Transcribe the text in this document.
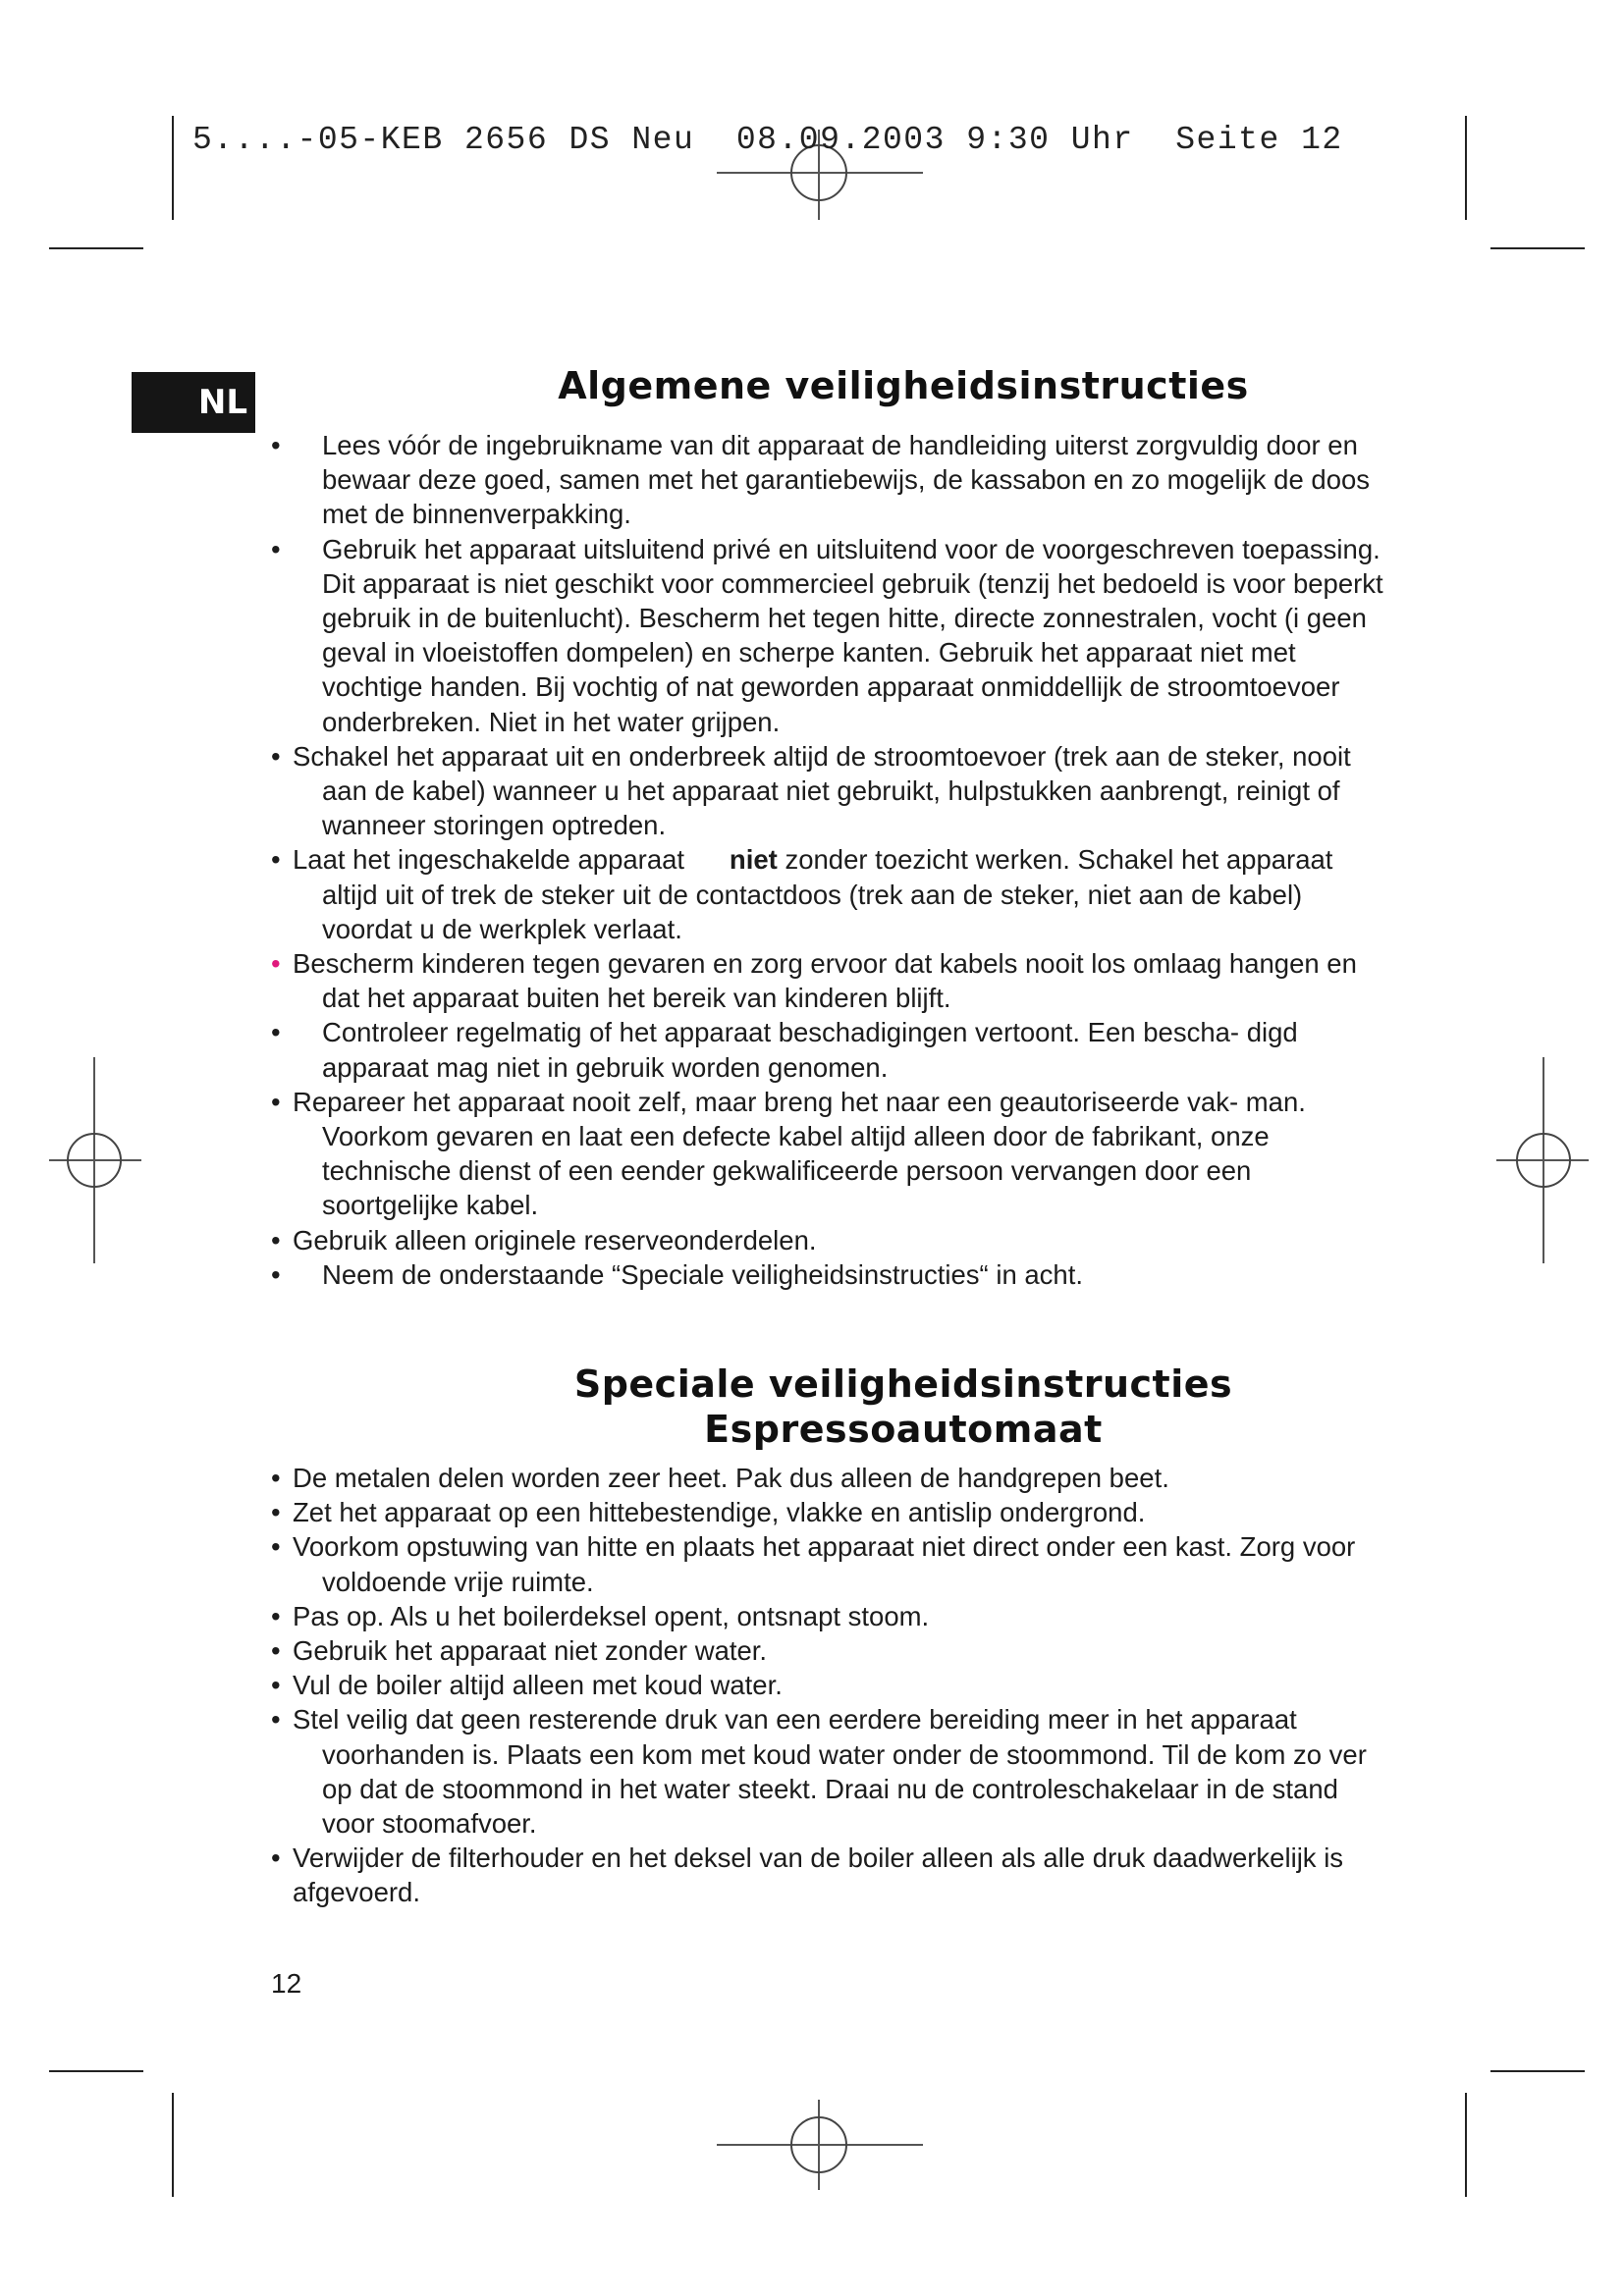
5....-05-KEB 2656 DS Neu  08.09.2003 9:30 Uhr  Seite 12
NL	Algemene veiligheidsinstructies

• Lees vóór de ingebruikname van dit apparaat de handleiding uiterst zorgvuldig door en bewaar deze goed, samen met het garantiebewijs, de kassabon en zo mogelijk de doos met de binnenverpakking.

• Gebruik het apparaat uitsluitend privé en uitsluitend voor de voorgeschreven toepassing. Dit apparaat is niet geschikt voor commercieel gebruik (tenzij het bedoeld is voor beperkt gebruik in de buitenlucht). Bescherm het tegen hitte, directe zonnestralen, vocht (i geen geval in vloeistoffen dompelen) en scherpe kanten. Gebruik het apparaat niet met vochtige handen. Bij vochtig of nat geworden apparaat onmiddellijk de stroomtoevoer onderbreken. Niet in het water grijpen.

• Schakel het apparaat uit en onderbreek altijd de stroomtoevoer (trek aan de steker, nooit aan de kabel) wanneer u het apparaat niet gebruikt, hulpstukken aanbrengt, reinigt of wanneer storingen optreden.

• Laat het ingeschakelde apparaat niet zonder toezicht werken. Schakel het apparaat altijd uit of trek de steker uit de contactdoos (trek aan de steker, niet aan de kabel) voordat u de werkplek verlaat.

• Bescherm kinderen tegen gevaren en zorg ervoor dat kabels nooit los omlaag hangen en dat het apparaat buiten het bereik van kinderen blijft.

• Controleer regelmatig of het apparaat beschadigingen vertoont. Een bescha- digd apparaat mag niet in gebruik worden genomen.

• Repareer het apparaat nooit zelf, maar breng het naar een geautoriseerde vak- man. Voorkom gevaren en laat een defecte kabel altijd alleen door de fabrikant, onze technische dienst of een eender gekwalificeerde persoon vervangen door een soortgelijke kabel.

• Gebruik alleen originele reserveonderdelen.

• Neem de onderstaande “Speciale veiligheidsinstructies“ in acht.

Speciale veiligheidsinstructies
Espressoautomaat

• De metalen delen worden zeer heet. Pak dus alleen de handgrepen beet.

• Zet het apparaat op een hittebestendige, vlakke en antislip ondergrond.

• Voorkom opstuwing van hitte en plaats het apparaat niet direct onder een kast. Zorg voor voldoende vrije ruimte.

• Pas op. Als u het boilerdeksel opent, ontsnapt stoom.

• Gebruik het apparaat niet zonder water.

• Vul de boiler altijd alleen met koud water.

• Stel veilig dat geen resterende druk van een eerdere bereiding meer in het apparaat voorhanden is. Plaats een kom met koud water onder de stoommond. Til de kom zo ver op dat de stoommond in het water steekt. Draai nu de controleschakelaar in de stand voor stoomafvoer.

• Verwijder de filterhouder en het deksel van de boiler alleen als alle druk daadwerkelijk is afgevoerd.

12
